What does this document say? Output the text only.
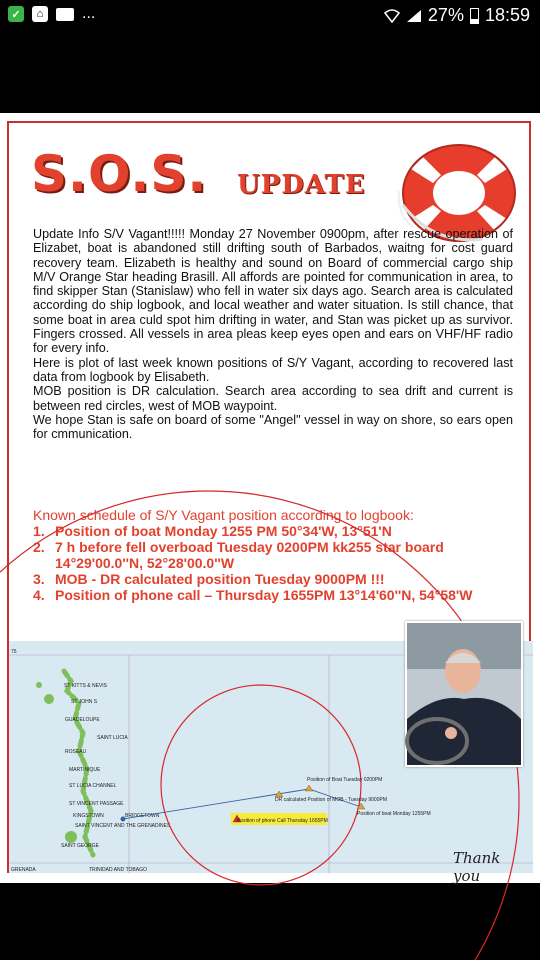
✓	⌂ ...	27% 18:59
S.O.S. UPDATE

Update Info S/V Vagant!!!!! Monday 27 November 0900pm, after rescue operation of Elizabet, boat is abandoned still drifting south of Barbados, waitng for cost guard recovery team. Elizabeth is healthy and sound on Board of commercial cargo ship M/V Orange Star heading Brasill. All affords are pointed for communication in area, to find skipper Stan (Stanislaw) who fell in water six days ago. Search area is calculated according do ship logbook, and local weather and water situation. Is still chance, that some boat in area culd spot him drifting in water, and Stan was picket up as survivor. Fingers crossed. All vessels in area pleas keep eyes open and ears on VHF/HF radio for every info.

Here is plot of last week known positions of S/Y Vagant, according to recovered last data from logbook by Elisabeth.

MOB position is DR calculation. Search area according to sea drift and current is between red circles, west of MOB waypoint.

We hope Stan is safe on board of some "Angel" vessel in way on shore, so ears open for cmmunication.

Known schedule of S/Y Vagant position according to logbook:
1. Position of boat Monday 1255 PM 50°34'W, 13°51'N
2. 7 h before fell overboad Tuesday 0200PM kk255 star board 14°29'00.0''N, 52°28'00.0''W
3. MOB - DR calculated position Tuesday 9000PM !!!
4. Position of phone call – Thursday 1655PM 13°14'60''N, 54°58'W
75
ST KITTS & NEVIS
ST JOHN S
GUADELOUPE
SAINT LUCIA
ROSEAU
MARTINIQUE
ST LUCIA CHANNEL
ST VINCENT PASSAGE
KINGSTOWN
SAINT VINCENT AND THE GRENADINES
SAINT GEORGE
TRINIDAD AND TOBAGO
BRIDGETOWN
GRENADA
Position of phone Call Thursday 1655PM
Position of Boat Tuesday 0200PM
DR calculated Position of MOB - Tuesday 9000PM
Position of boat Monday 1255PM
Thank you
